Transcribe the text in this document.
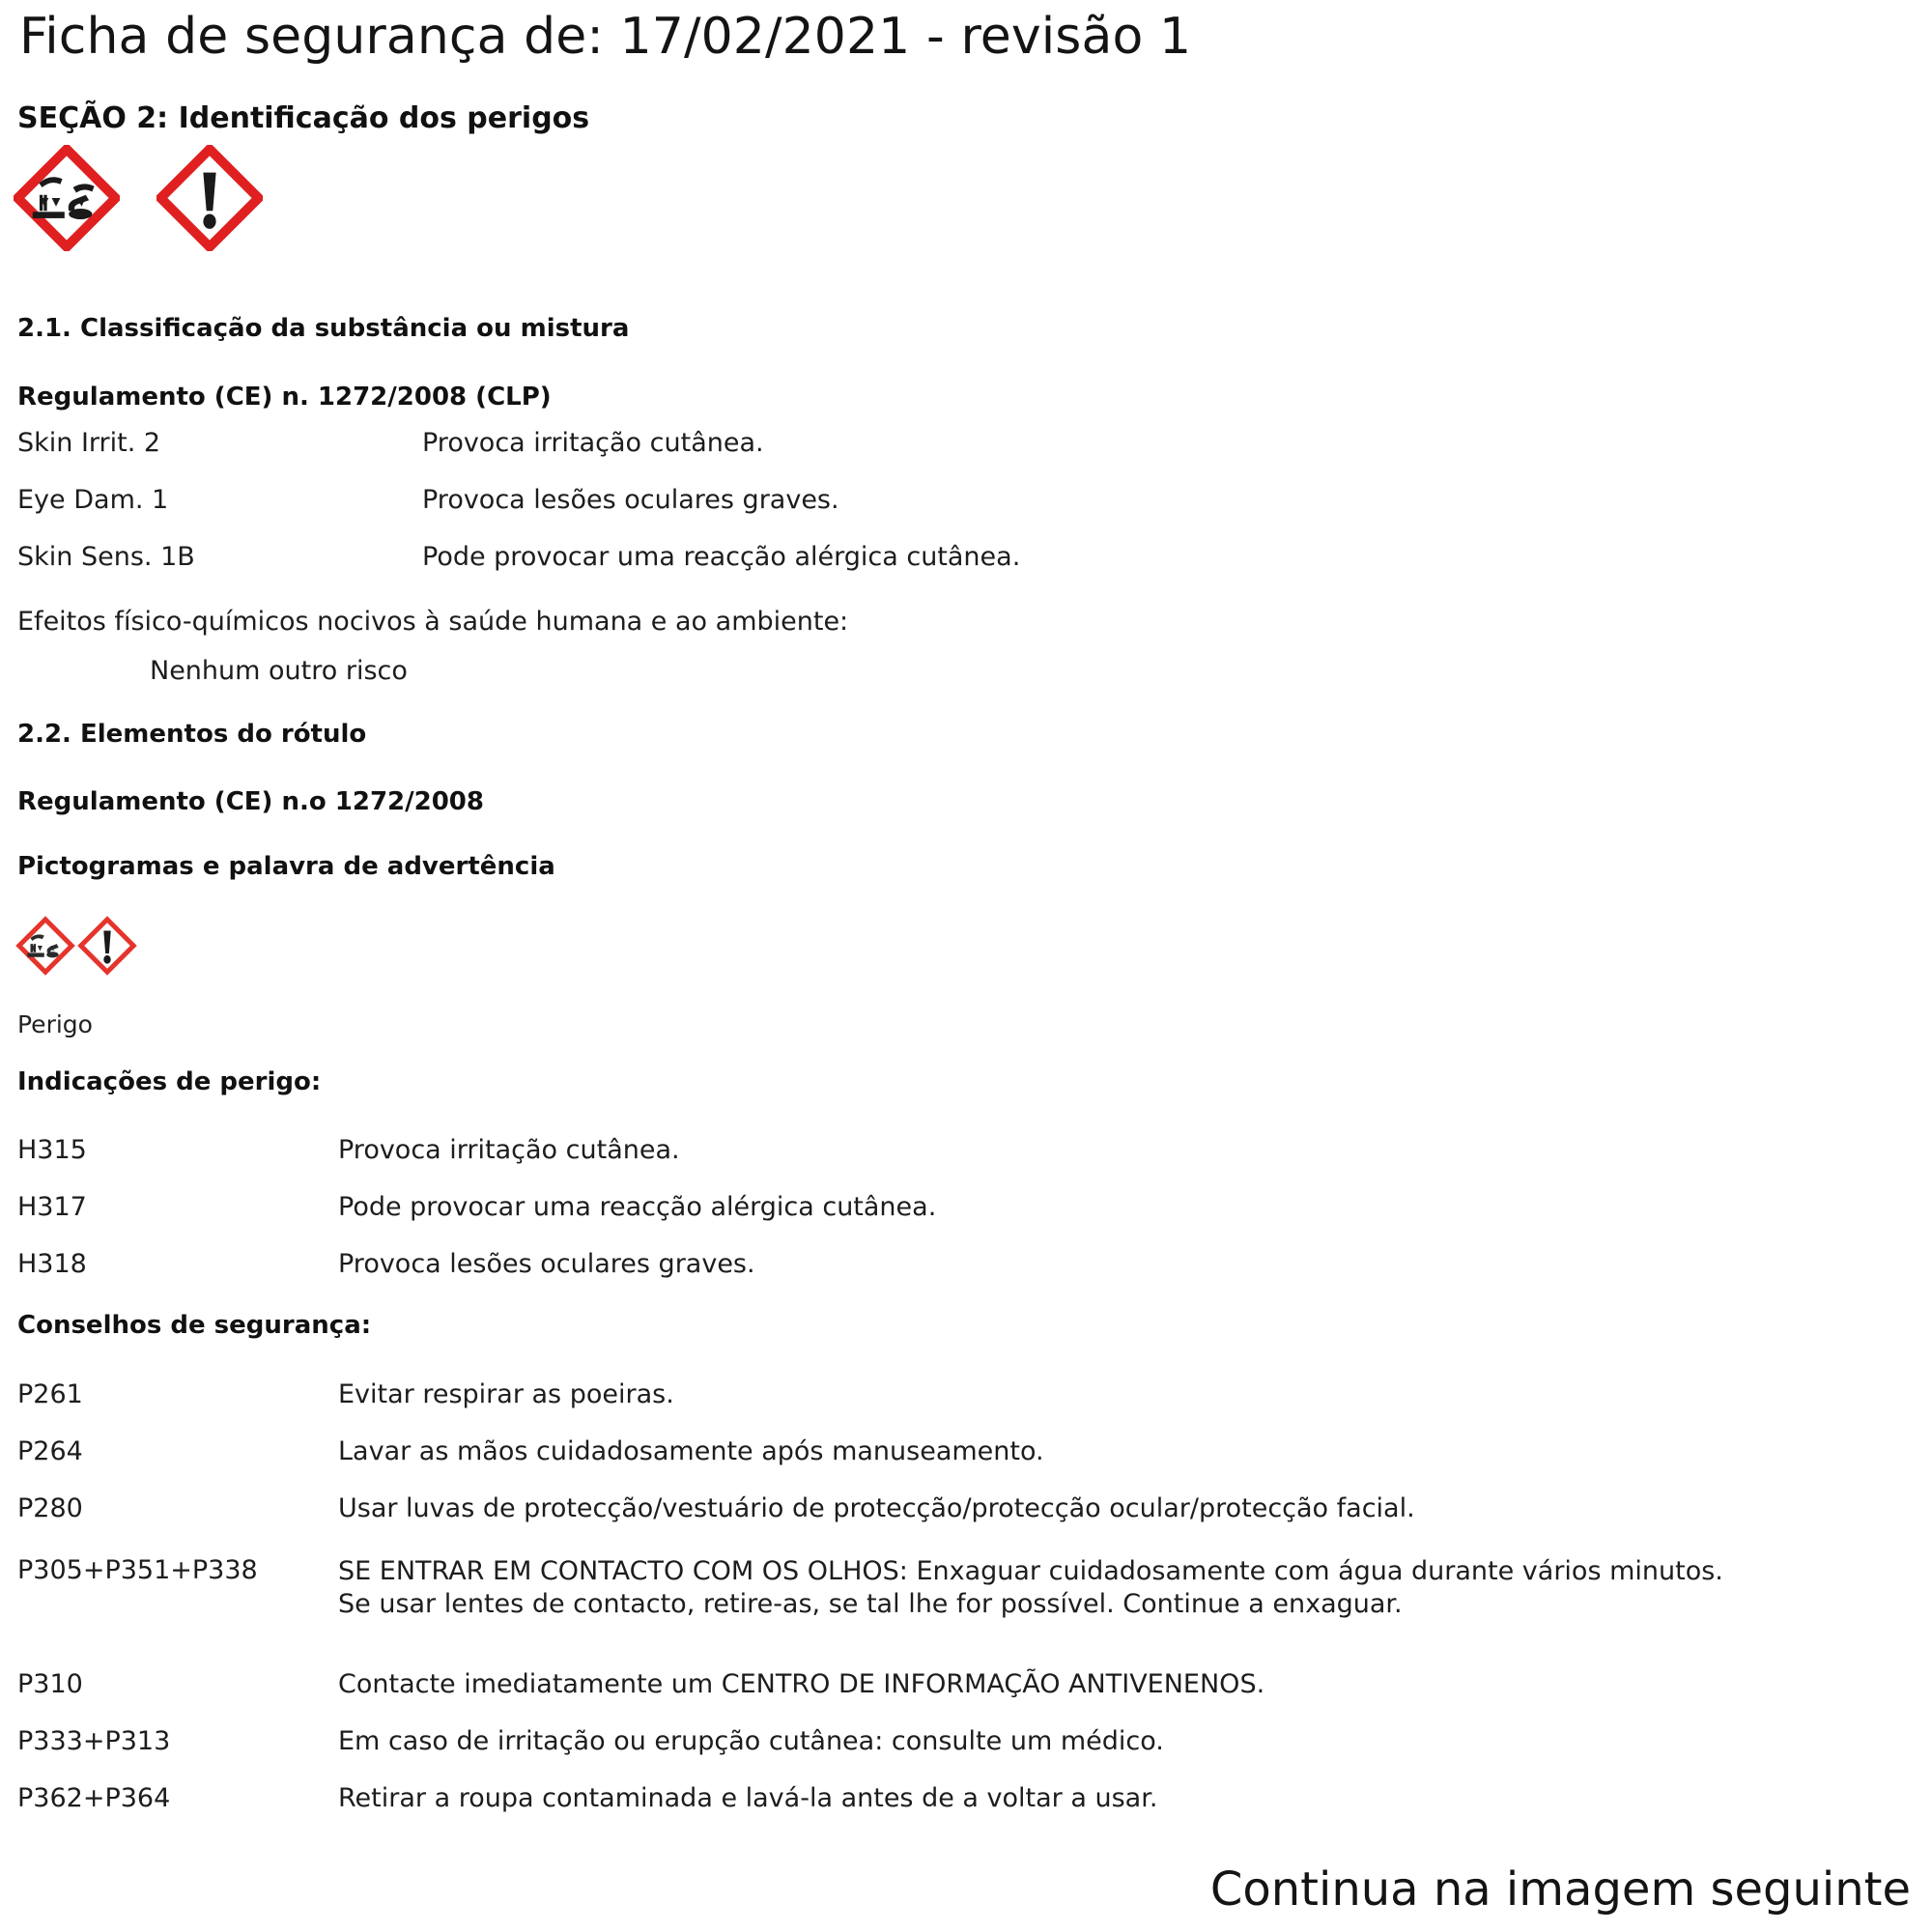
Ficha de segurança de: 17/02/2021 - revisão 1
SEÇÃO 2: Identificação dos perigos
2.1. Classificação da substância ou mistura
Regulamento (CE) n. 1272/2008 (CLP)
Skin Irrit. 2	Provoca irritação cutânea.
Eye Dam. 1	Provoca lesões oculares graves.
Skin Sens. 1B	Pode provocar uma reacção alérgica cutânea.
Efeitos físico-químicos nocivos à saúde humana e ao ambiente:
Nenhum outro risco
2.2. Elementos do rótulo
Regulamento (CE) n.o 1272/2008
Pictogramas e palavra de advertência
Perigo
Indicações de perigo:
H315	Provoca irritação cutânea.
H317	Pode provocar uma reacção alérgica cutânea.
H318	Provoca lesões oculares graves.
Conselhos de segurança:
P261	Evitar respirar as poeiras.
P264	Lavar as mãos cuidadosamente após manuseamento.
P280	Usar luvas de protecção/vestuário de protecção/protecção ocular/protecção facial.
P305+P351+P338	SE ENTRAR EM CONTACTO COM OS OLHOS: Enxaguar cuidadosamente com água durante vários minutos.
Se usar lentes de contacto, retire-as, se tal lhe for possível. Continue a enxaguar.
P310	Contacte imediatamente um CENTRO DE INFORMAÇÃO ANTIVENENOS.
P333+P313	Em caso de irritação ou erupção cutânea: consulte um médico.
P362+P364	Retirar a roupa contaminada e lavá-la antes de a voltar a usar.
Continua na imagem seguinte
